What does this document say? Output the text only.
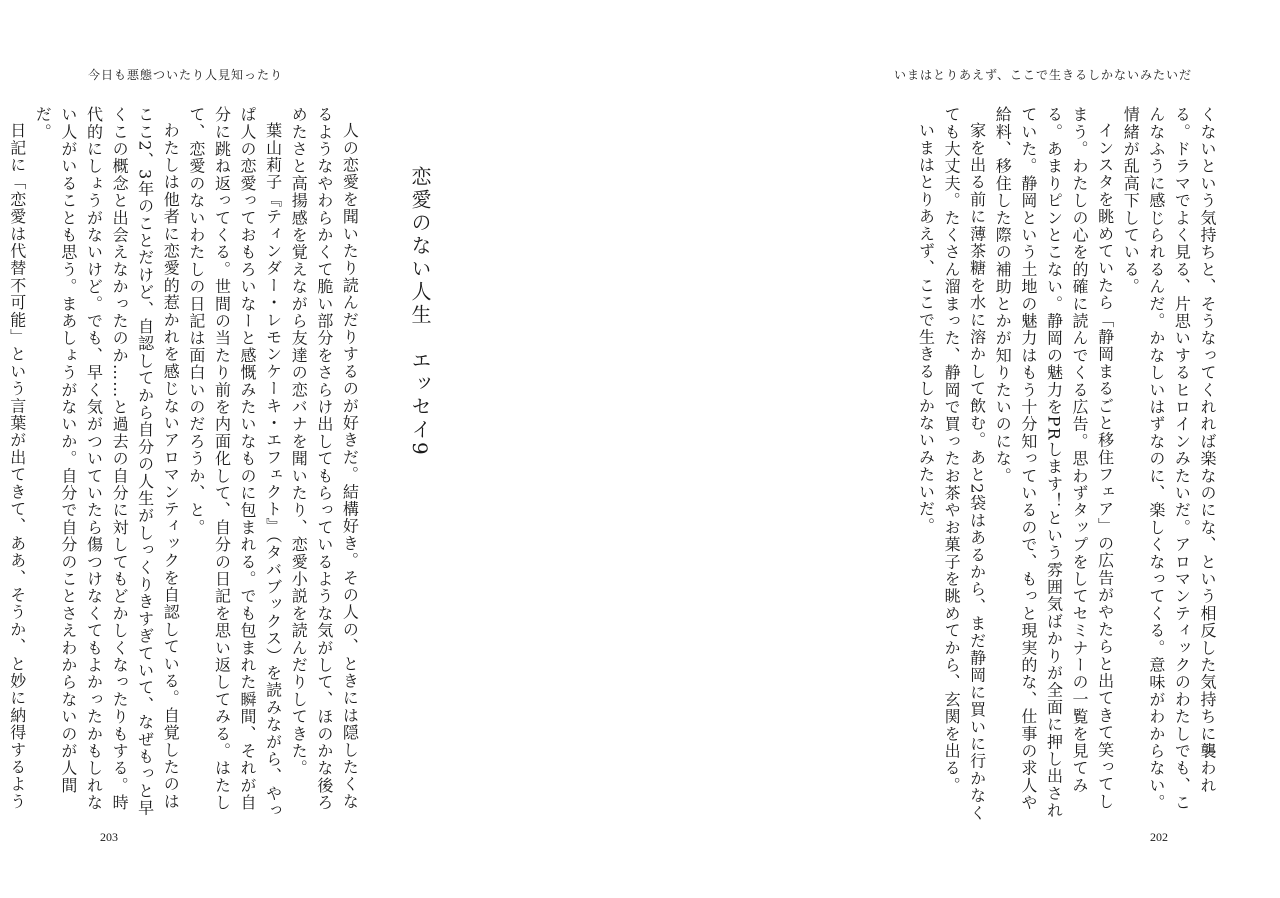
今日も悪態ついたり人見知ったり
恋愛のない人生　エッセイ9

人の恋愛を聞いたり読んだりするのが好きだ。結構好き。その人の、ときには隠したくなるようなやわらかくて脆い部分をさらけ出してもらっているような気がして、ほのかな後ろめたさと高揚感を覚えながら友達の恋バナを聞いたり、恋愛小説を読んだりしてきた。

葉山莉子『ティンダー・レモンケーキ・エフェクト』（タバブックス）を読みながら、やっぱ人の恋愛っておもろいなーと感慨みたいなものに包まれる。でも包まれた瞬間、それが自分に跳ね返ってくる。世間の当たり前を内面化して、自分の日記を思い返してみる。はたして、恋愛のないわたしの日記は面白いのだろうか、と。

わたしは他者に恋愛的惹かれを感じないアロマンティックを自認している。自覚したのはここ2、3年のことだけど、自認してから自分の人生がしっくりきすぎていて、なぜもっと早くこの概念と出会えなかったのか……と過去の自分に対してもどかしくなったりもする。時代的にしょうがないけど。でも、早く気がついていたら傷つけなくてもよかったかもしれない人がいることも思う。まあしょうがないか。自分で自分のことさえわからないのが人間だ。

日記に「恋愛は代替不可能」という言葉が出てきて、ああ、そうか、と妙に納得するよう

203
いまはとりあえず、ここで生きるしかないみたいだ

くないという気持ちと、そうなってくれれば楽なのにな、という相反した気持ちに襲われる。ドラマでよく見る、片思いするヒロインみたいだ。アロマンティックのわたしでも、こんなふうに感じられるんだ。かなしいはずなのに、楽しくなってくる。意味がわからない。情緒が乱高下している。

インスタを眺めていたら「静岡まるごと移住フェア」の広告がやたらと出てきて笑ってしまう。わたしの心を的確に読んでくる広告。思わずタップをしてセミナーの一覧を見てみる。あまりピンとこない。静岡の魅力をPRします！という雰囲気ばかりが全面に押し出されていた。静岡という土地の魅力はもう十分知っているので、もっと現実的な、仕事の求人や給料、移住した際の補助とかが知りたいのにな。

家を出る前に薄茶糖を水に溶かして飲む。あと2袋はあるから、まだ静岡に買いに行かなくても大丈夫。たくさん溜まった、静岡で買ったお茶やお菓子を眺めてから、玄関を出る。

いまはとりあえず、ここで生きるしかないみたいだ。

202
